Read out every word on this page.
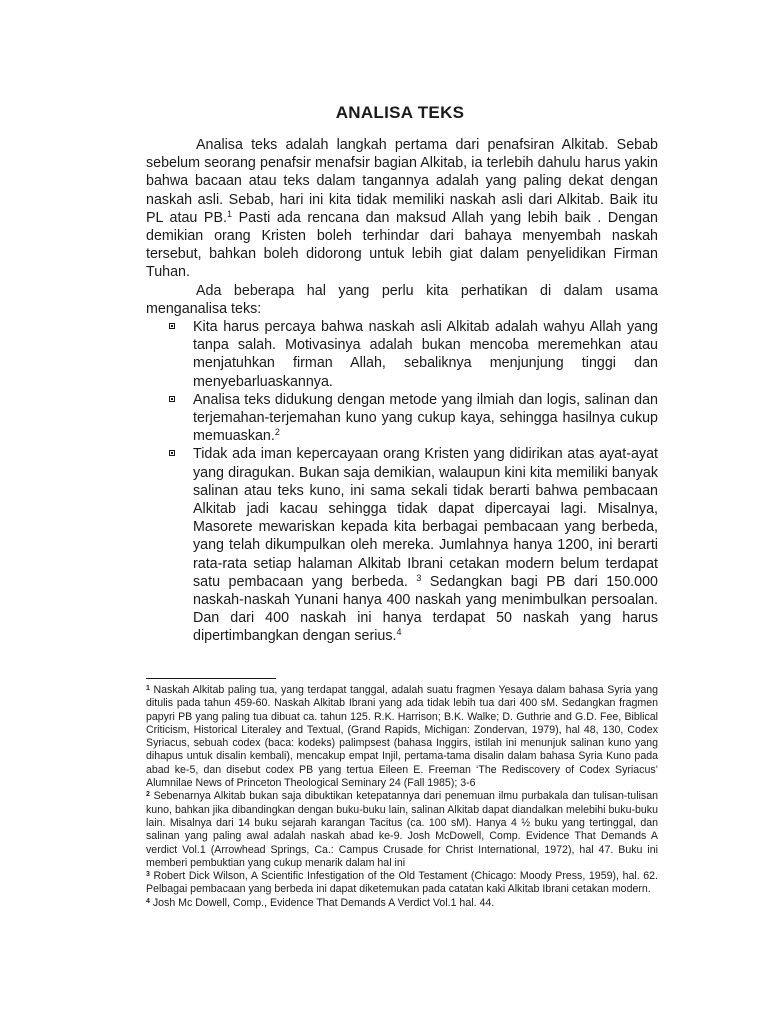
ANALISA TEKS

Analisa teks adalah langkah pertama dari penafsiran Alkitab. Sebab sebelum seorang penafsir menafsir bagian Alkitab, ia terlebih dahulu harus yakin bahwa bacaan atau teks dalam tangannya adalah yang paling dekat dengan naskah asli. Sebab, hari ini kita tidak memiliki naskah asli dari Alkitab. Baik itu PL atau PB.$^1$ Pasti ada rencana dan maksud Allah yang lebih baik . Dengan demikian orang Kristen boleh terhindar dari bahaya menyembah naskah tersebut, bahkan boleh didorong untuk lebih giat dalam penyelidikan Firman Tuhan.

Ada beberapa hal yang perlu kita perhatikan di dalam usama menganalisa teks:

Kita harus percaya bahwa naskah asli Alkitab adalah wahyu Allah yang tanpa salah. Motivasinya adalah bukan mencoba meremehkan atau menjatuhkan firman Allah, sebaliknya menjunjung tinggi dan menyebarluaskannya.
Analisa teks didukung dengan metode yang ilmiah dan logis, salinan dan terjemahan-terjemahan kuno yang cukup kaya, sehingga hasilnya cukup memuaskan.$^2$
Tidak ada iman kepercayaan orang Kristen yang didirikan atas ayat-ayat yang diragukan. Bukan saja demikian, walaupun kini kita memiliki banyak salinan atau teks kuno, ini sama sekali tidak berarti bahwa pembacaan Alkitab jadi kacau sehingga tidak dapat dipercayai lagi. Misalnya, Masorete mewariskan kepada kita berbagai pembacaan yang berbeda, yang telah dikumpulkan oleh mereka. Jumlahnya hanya 1200, ini berarti rata-rata setiap halaman Alkitab Ibrani cetakan modern belum terdapat satu pembacaan yang berbeda. $^3$ Sedangkan bagi PB dari 150.000 naskah-naskah Yunani hanya 400 naskah yang menimbulkan persoalan. Dan dari 400 naskah ini hanya terdapat 50 naskah yang harus dipertimbangkan dengan serius.$^4$

$^1$ Naskah Alkitab paling tua, yang terdapat tanggal, adalah suatu fragmen Yesaya dalam bahasa Syria yang ditulis pada tahun 459-60. Naskah Alkitab Ibrani yang ada tidak lebih tua dari 400 sM. Sedangkan fragmen papyri PB yang paling tua dibuat ca. tahun 125. R.K. Harrison; B.K. Walke; D. Guthrie and G.D. Fee, Biblical Criticism, Historical Literaley and Textual, (Grand Rapids, Michigan: Zondervan, 1979), hal 48, 130, Codex Syriacus, sebuah codex (baca: kodeks) palimpsest (bahasa Inggirs, istilah ini menunjuk salinan kuno yang dihapus untuk disalin kembali), mencakup empat Injil, pertama-tama disalin dalam bahasa Syria Kuno pada abad ke-5, dan disebut codex PB yang tertua Eileen E. Freeman ‘The Rediscovery of Codex Syriacus’ Alumnilae News of Princeton Theological Seminary 24 (Fall 1985); 3-6

$^2$ Sebenarnya Alkitab bukan saja dibuktikan ketepatannya dari penemuan ilmu purbakala dan tulisan-tulisan kuno, bahkan jika dibandingkan dengan buku-buku lain, salinan Alkitab dapat diandalkan melebihi buku-buku lain. Misalnya dari 14 buku sejarah karangan Tacitus (ca. 100 sM). Hanya 4 ½ buku yang tertinggal, dan salinan yang paling awal adalah naskah abad ke-9. Josh McDowell, Comp. Evidence That Demands A verdict Vol.1 (Arrowhead Springs, Ca.: Campus Crusade for Christ International, 1972), hal 47. Buku ini memberi pembuktian yang cukup menarik dalam hal ini

$^3$ Robert Dick Wilson, A Scientific Infestigation of the Old Testament (Chicago: Moody Press, 1959), hal. 62. Pelbagai pembacaan yang berbeda ini dapat diketemukan pada catatan kaki Alkitab Ibrani cetakan modern.

$^4$ Josh Mc Dowell, Comp., Evidence That Demands A Verdict Vol.1 hal. 44.
